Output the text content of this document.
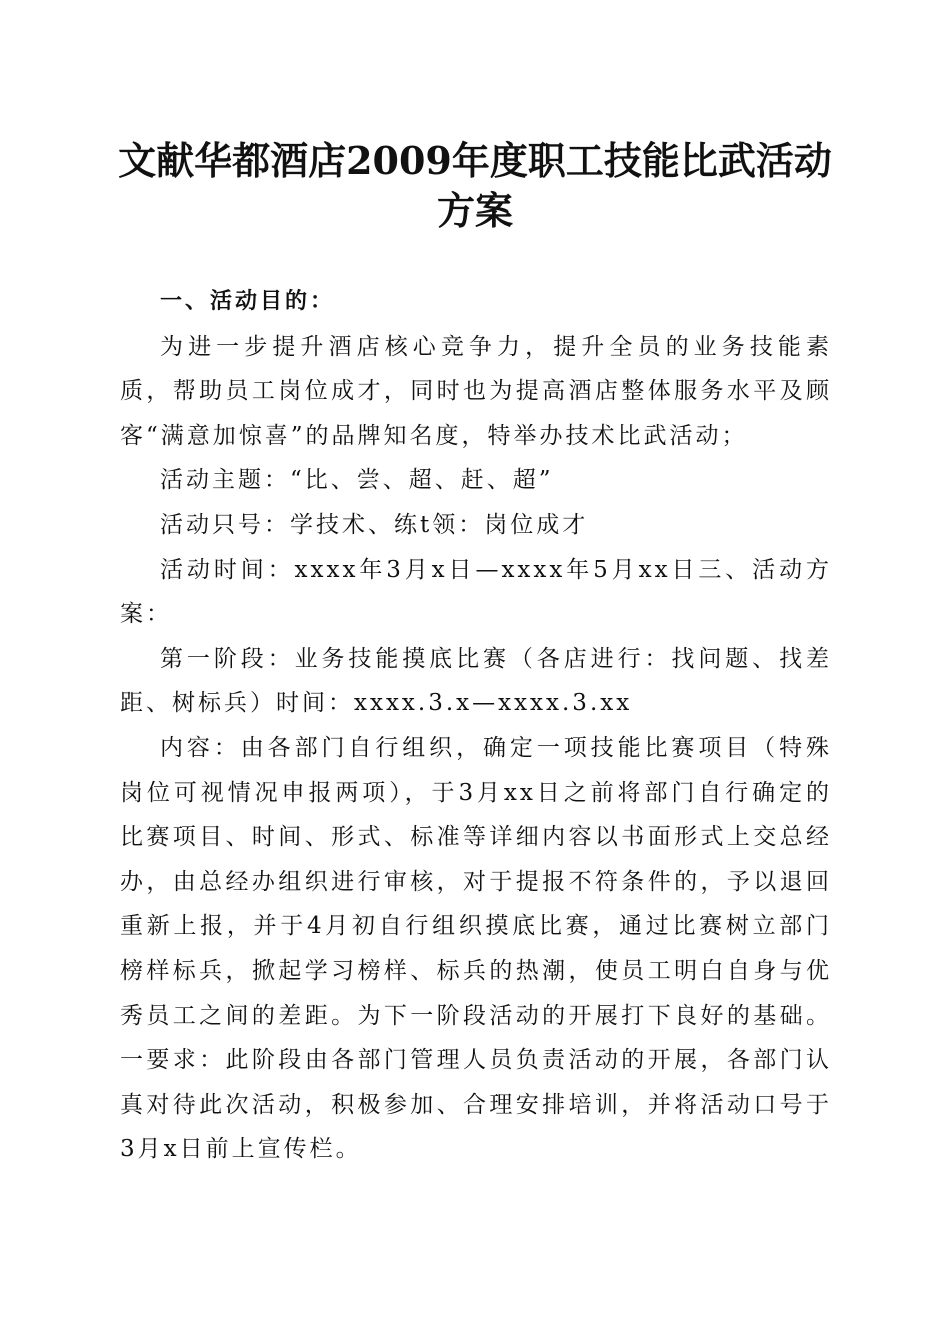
文献华都酒店2009年度职工技能比武活动方案

一、活动目的：

为进一步提升酒店核心竞争力，提升全员的业务技能素质，帮助员工岗位成才，同时也为提高酒店整体服务水平及顾客“满意加惊喜”的品牌知名度，特举办技术比武活动；

活动主题：“比、尝、超、赶、超”

活动只号：学技术、练t领：岗位成才

活动时间：xxxx年3月x日—xxxx年5月xx日三、活动方案：

第一阶段：业务技能摸底比赛（各店进行：找问题、找差距、树标兵）时间：xxxx.3.x—xxxx.3.xx

内容：由各部门自行组织，确定一项技能比赛项目（特殊岗位可视情况申报两项），于3月xx日之前将部门自行确定的比赛项目、时间、形式、标准等详细内容以书面形式上交总经办，由总经办组织进行审核，对于提报不符条件的，予以退回重新上报，并于4月初自行组织摸底比赛，通过比赛树立部门榜样标兵，掀起学习榜样、标兵的热潮，使员工明白自身与优秀员工之间的差距。为下一阶段活动的开展打下良好的基础。一要求：此阶段由各部门管理人员负责活动的开展，各部门认真对待此次活动，积极参加、合理安排培训，并将活动口号于3月x日前上宣传栏。
